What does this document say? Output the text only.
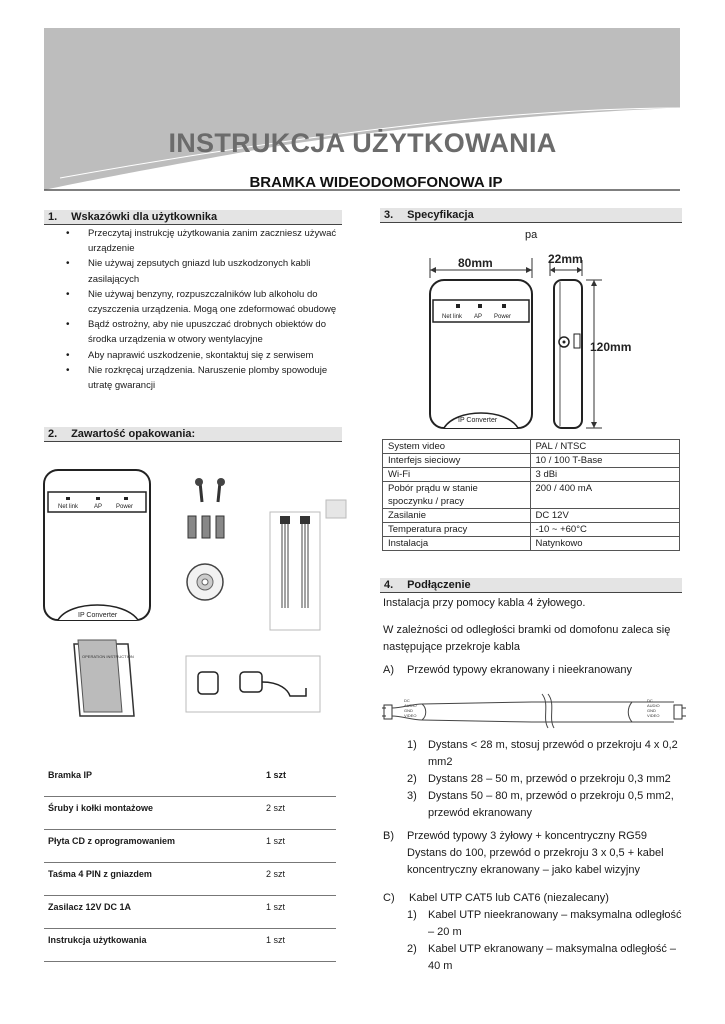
INSTRUKCJA UŻYTKOWANIA
BRAMKA WIDEODOMOFONOWA IP
1. Wskazówki dla użytkownika
• Przeczytaj instrukcję użytkowania zanim zaczniesz używać urządzenie
• Nie używaj zepsutych gniazd lub uszkodzonych kabli zasilających
• Nie używaj benzyny, rozpuszczalników lub alkoholu do czyszczenia urządzenia. Mogą one zdeformować obudowę
• Bądź ostrożny, aby nie upuszczać drobnych obiektów do środka urządzenia w otwory wentylacyjne
• Aby naprawić uszkodzenie, skontaktuj się z serwisem
• Nie rozkręcaj urządzenia. Naruszenie plomby spowoduje utratę gwarancji
2. Zawartość opakowania:
Net link	AP Power
IP Converter
OPERATION INSTRUCTION
Bramka IP	1 szt
Śruby i kołki montażowe	2 szt
Płyta CD z oprogramowaniem	1 szt
Taśma 4 PIN z gniazdem	2 szt
Zasilacz 12V DC 1A	1 szt
Instrukcja użytkowania	1 szt
3. Specyfikacja
pa
80mm
Net link AP Power
IP Converter
22mm
120mm
System video	PAL / NTSC
Interfejs sieciowy	10 / 100 T-Base
Wi-Fi	3 dBi
Pobór prądu w stanie spoczynku / pracy	200 / 400 mA
Zasilanie	DC 12V
Temperatura pracy	-10 ~ +60°C
Instalacja	Natynkowo
4. Podłączenie
Instalacja przy pomocy kabla 4 żyłowego.
W zależności od odległości bramki od domofonu zaleca się następujące przekroje kabla
A) Przewód typowy ekranowany i nieekranowany
DC
AUDIO
GND
VIDEO
DC
AUDIO
GND
VIDEO
1) Dystans < 28 m, stosuj przewód o przekroju 4 x 0,2 mm2
2) Dystans 28 – 50 m, przewód o przekroju 0,3 mm2
3) Dystans 50 – 80 m, przewód o przekroju 0,5 mm2, przewód ekranowany
B) Przewód typowy 3 żyłowy + koncentryczny RG59
Dystans do 100, przewód o przekroju 3 x 0,5 + kabel koncentryczny ekranowany – jako kabel wizyjny
C) Kabel UTP CAT5 lub CAT6 (niezalecany)
1) Kabel UTP nieekranowany – maksymalna odległość – 20 m
2) Kabel UTP ekranowany – maksymalna odległość – 40 m
